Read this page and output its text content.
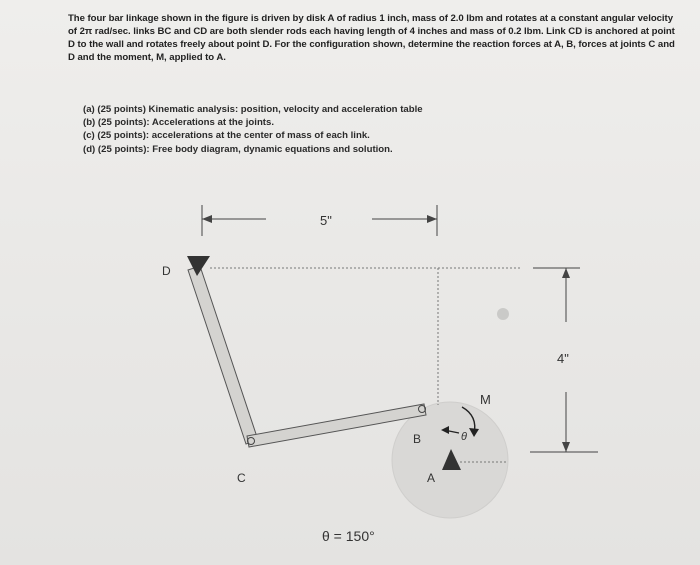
The four bar linkage shown in the figure is driven by disk A of radius 1 inch, mass of 2.0 lbm and rotates at a constant angular velocity of 2π rad/sec. links BC and CD are both slender rods each having length of 4 inches and mass of 0.2 lbm. Link CD is anchored at point D to the wall and rotates freely about point D. For the configuration shown, determine the reaction forces at A, B, forces at joints C and D and the moment, M, applied to A.

(a) (25 points) Kinematic analysis: position, velocity and acceleration table
(b) (25 points): Accelerations at the joints.
(c) (25 points): accelerations at the center of mass of each link.
(d) (25 points): Free body diagram, dynamic equations and solution.
5"
4"
D
C
B
A
M
θ
θ = 150°
